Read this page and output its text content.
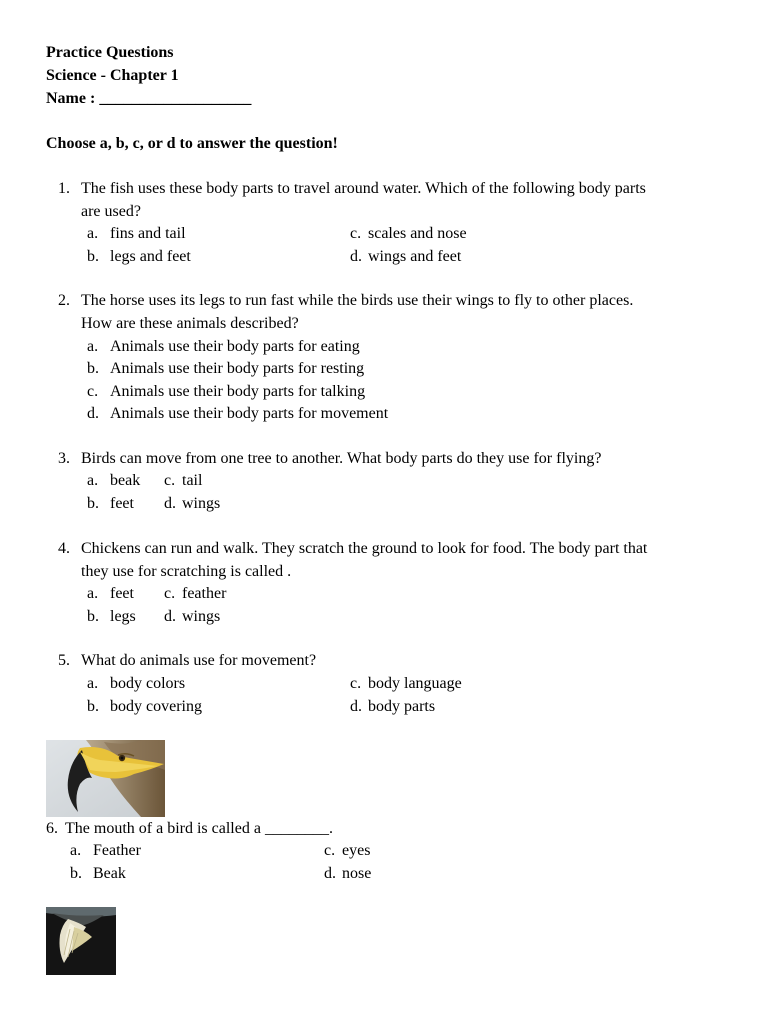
Practice Questions
Science - Chapter 1
Name : ___________________
Choose a, b, c, or d to answer the question!
1. The fish uses these body parts to travel around water. Which of the following body parts
are used?
a. fins and tail
b. legs and feet
c. scales and nose
d. wings and feet
2. The horse uses its legs to run fast while the birds use their wings to fly to other places.
How are these animals described?
a. Animals use their body parts for eating
b. Animals use their body parts for resting
c. Animals use their body parts for talking
d. Animals use their body parts for movement
3. Birds can move from one tree to another. What body parts do they use for flying?
a. beak
b. feet
c. tail
d. wings
4. Chickens can run and walk. They scratch the ground to look for food. The body part that
they use for scratching is called .
a. feet
b. legs
c. feather
d. wings
5. What do animals use for movement?
a. body colors
b. body covering
c. body language
d. body parts
6. The mouth of a bird is called a ________.
a. Feather
b. Beak
c. eyes
d. nose
